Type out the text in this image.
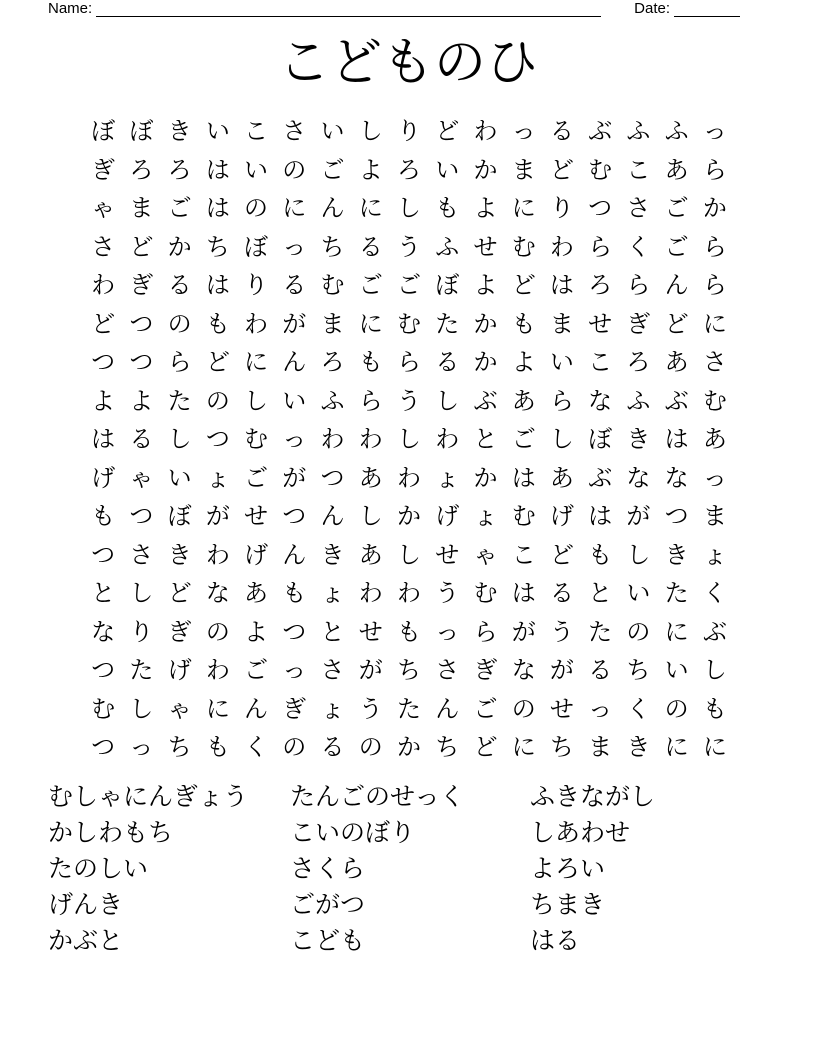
Name:	Date:
こどものひ
ぼ ぼ き い こ さ い し り ど わ っ る ぶ ふ ふ っ
ぎ ろ ろ は い の ご よ ろ い か ま ど む こ あ ら
ゃ ま ご は の に ん に し も よ に り つ さ ご か
さ ど か ち ぼ っ ち る う ふ せ む わ ら く ご ら
わ ぎ る は り る む ご ご ぼ よ ど は ろ ら ん ら
ど つ の も わ が ま に む た か も ま せ ぎ ど に
つ つ ら ど に ん ろ も ら る か よ い こ ろ あ さ
よ よ た の し い ふ ら う し ぶ あ ら な ふ ぶ む
は る し つ む っ わ わ し わ と ご し ぼ き は あ
げ ゃ い ょ ご が つ あ わ ょ か は あ ぶ な な っ
も つ ぼ が せ つ ん し か げ ょ む げ は が つ ま
つ さ き わ げ ん き あ し せ ゃ こ ど も し き ょ
と し ど な あ も ょ わ わ う む は る と い た く
な り ぎ の よ つ と せ も っ ら が う た の に ぶ
つ た げ わ ご っ さ が ち さ ぎ な が る ち い し
む し ゃ に ん ぎ ょ う た ん ご の せ っ く の も
つ っ ち も く の る の か ち ど に ち ま き に に
むしゃにんぎょう	たんごのせっく	ふきながし
かしわもち	こいのぼり	しあわせ
たのしい	さくら	よろい
げんき	ごがつ	ちまき
かぶと	こども	はる
